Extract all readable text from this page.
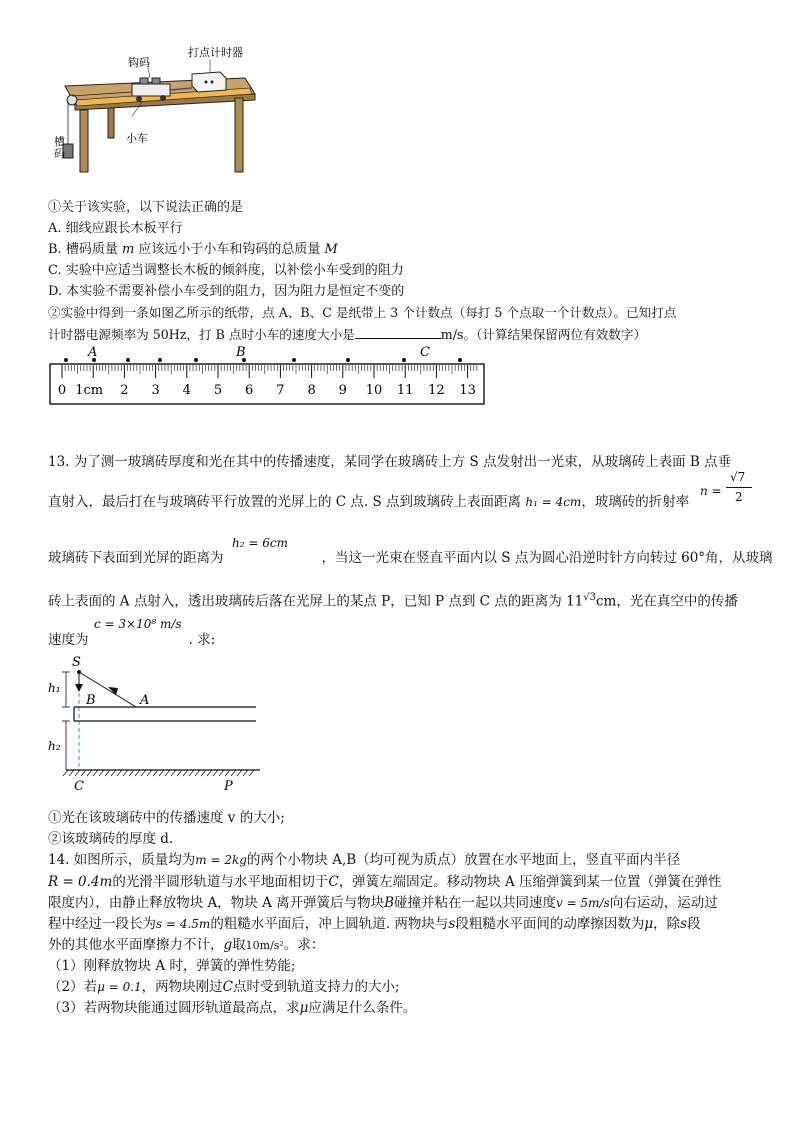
钩码
打点计时器
小车
槽码
①关于该实验，以下说法正确的是
A. 细线应跟长木板平行
B. 槽码质量 m 应该远小于小车和钩码的总质量 M
C. 实验中应适当调整长木板的倾斜度，以补偿小车受到的阻力
D. 本实验不需要补偿小车受到的阻力，因为阻力是恒定不变的
②实验中得到一条如图乙所示的纸带，点 A、B、C 是纸带上 3 个计数点（每打 5 个点取一个计数点）。已知打点
计时器电源频率为 50Hz，打 B 点时小车的速度大小是	m/s。（计算结果保留两位有效数字）
A	B	C
0 1cm 2 3 4 5 6 7 8 9 10 11 12 13
13. 为了测一玻璃砖厚度和光在其中的传播速度，某同学在玻璃砖上方 S 点发射出一光束，从玻璃砖上表面 B 点垂
直射入，最后打在与玻璃砖平行放置的光屏上的 C 点. S 点到玻璃砖上表面距离 h₁ = 4cm，玻璃砖的折射率
n =
√7
2
h₂ = 6cm
玻璃砖下表面到光屏的距离为	，当这一光束在竖直平面内以 S 点为圆心沿逆时针方向转过 60°角，从玻璃
砖上表面的 A 点射入，透出玻璃砖后落在光屏上的某点 P，已知 P 点到 C 点的距离为 $11^{√3}cm$，光在真空中的传播
c = 3×10⁸ m/s
速度为	. 求:
S
B	A
h₁
h₂
C	P
①光在该玻璃砖中的传播速度 v 的大小;
②该玻璃砖的厚度 d.
14. 如图所示，质量均为m = 2kg的两个小物块 A,B（均可视为质点）放置在水平地面上，竖直平面内半径
R = 0.4m的光滑半圆形轨道与水平地面相切于C，弹簧左端固定。移动物块 A 压缩弹簧到某一位置（弹簧在弹性
限度内），由静止释放物块 A，物块 A 离开弹簧后与物块B碰撞并粘在一起以共同速度v = 5m/s向右运动，运动过
程中经过一段长为s = 4.5m的粗糙水平面后，冲上圆轨道. 两物块与s段粗糙水平面间的动摩擦因数为μ，除s段
外的其他水平面摩擦力不计，g取10m/s²。求：
（1）刚释放物块 A 时，弹簧的弹性势能;
（2）若μ = 0.1，两物块刚过C点时受到轨道支持力的大小;
（3）若两物块能通过圆形轨道最高点，求μ应满足什么条件。
